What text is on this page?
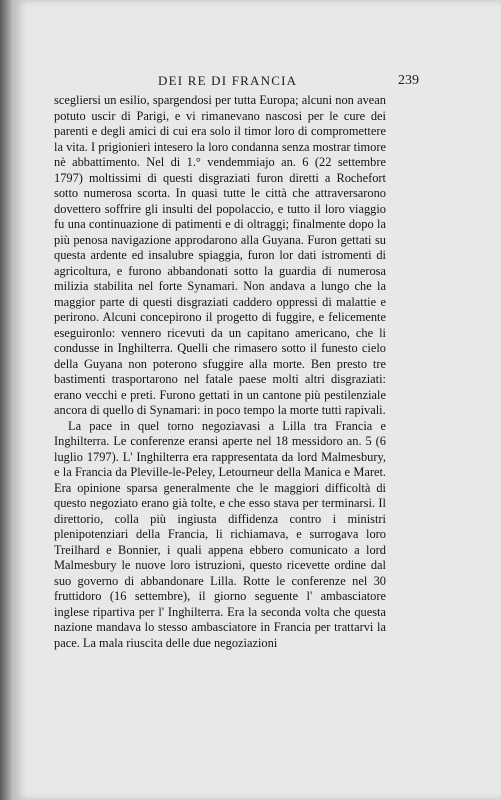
DEI RE DI FRANCIA	239

scegliersi un esilio, spargendosi per tutta Europa; alcuni non avean potuto uscir di Parigi, e vi rimanevano nascosi per le cure dei parenti e degli amici di cui era solo il timor loro di compromettere la vita. I prigionieri intesero la loro condanna senza mostrar timore nè abbattimento. Nel di 1.° vendemmiajo an. 6 (22 settembre 1797) moltissimi di questi disgraziati furon diretti a Rochefort sotto numerosa scorta. In quasi tutte le città che attraversarono dovettero soffrire gli insulti del popolaccio, e tutto il loro viaggio fu una continuazione di patimenti e di oltraggi; finalmente dopo la più penosa navigazione approdarono alla Guyana. Furon gettati su questa ardente ed insalubre spiaggia, furon lor dati istromenti di agricoltura, e furono abbandonati sotto la guardia di numerosa milizia stabilita nel forte Synamari. Non andava a lungo che la maggior parte di questi disgraziati caddero oppressi di malattie e perirono. Alcuni concepirono il progetto di fuggire, e felicemente eseguironlo: vennero ricevuti da un capitano americano, che li condusse in Inghilterra. Quelli che rimasero sotto il funesto cielo della Guyana non poterono sfuggire alla morte. Ben presto tre bastimenti trasportarono nel fatale paese molti altri disgraziati: erano vecchi e preti. Furono gettati in un cantone più pestilenziale ancora di quello di Synamari: in poco tempo la morte tutti rapivali.

La pace in quel torno negoziavasi a Lilla tra Francia e Inghilterra. Le conferenze eransi aperte nel 18 messidoro an. 5 (6 luglio 1797). L' Inghilterra era rappresentata da lord Malmesbury, e la Francia da Pleville-le-Peley, Letourneur della Manica e Maret. Era opinione sparsa generalmente che le maggiori difficoltà di questo negoziato erano già tolte, e che esso stava per terminarsi. Il direttorio, colla più ingiusta diffidenza contro i ministri plenipotenziari della Francia, li richiamava, e surrogava loro Treilhard e Bonnier, i quali appena ebbero comunicato a lord Malmesbury le nuove loro istruzioni, questo ricevette ordine dal suo governo di abbandonare Lilla. Rotte le conferenze nel 30 fruttidoro (16 settembre), il giorno seguente l' ambasciatore inglese ripartiva per l' Inghilterra. Era la seconda volta che questa nazione mandava lo stesso ambasciatore in Francia per trattarvi la pace. La mala riuscita delle due negoziazioni
